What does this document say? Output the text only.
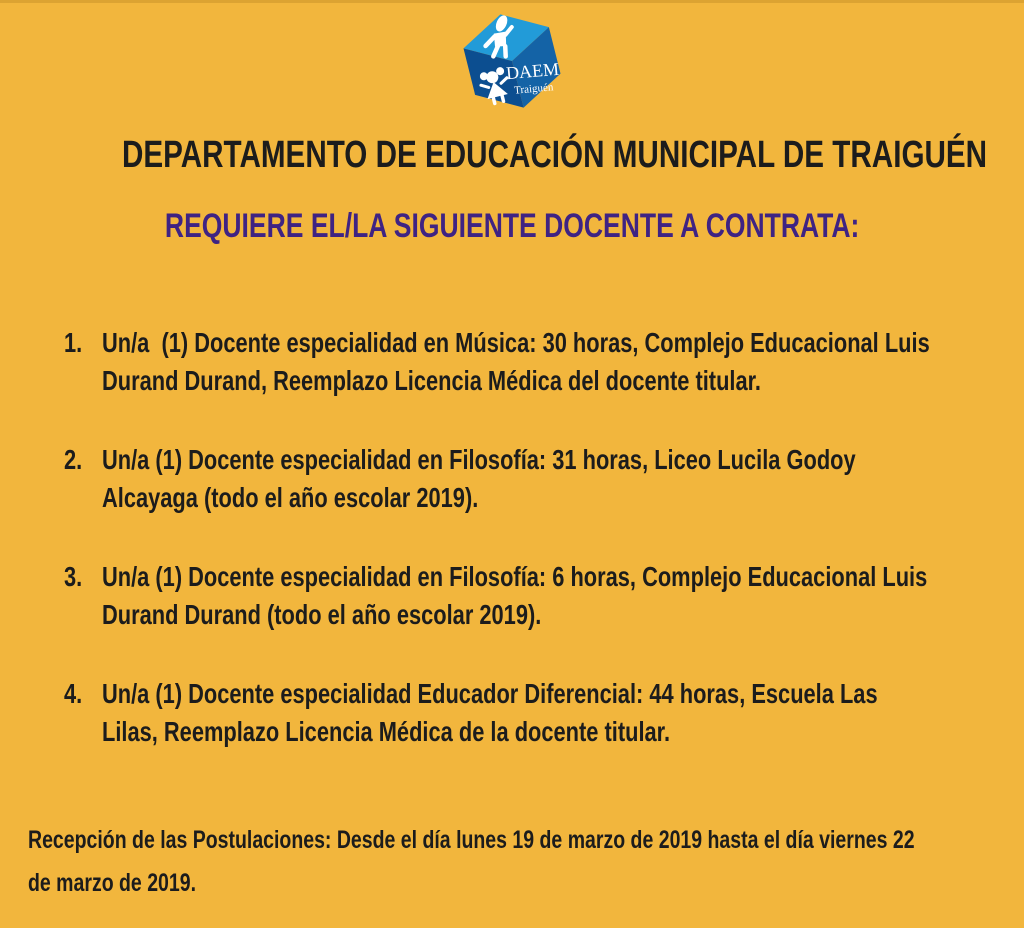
DAEM
Traiguén
DEPARTAMENTO DE EDUCACIÓN MUNICIPAL DE TRAIGUÉN
REQUIERE EL/LA SIGUIENTE DOCENTE A CONTRATA:
1. Un/a  (1) Docente especialidad en Música: 30 horas, Complejo Educacional Luis
Durand Durand, Reemplazo Licencia Médica del docente titular.
2. Un/a (1) Docente especialidad en Filosofía: 31 horas, Liceo Lucila Godoy
Alcayaga (todo el año escolar 2019).
3. Un/a (1) Docente especialidad en Filosofía: 6 horas, Complejo Educacional Luis
Durand Durand (todo el año escolar 2019).
4. Un/a (1) Docente especialidad Educador Diferencial: 44 horas, Escuela Las
Lilas, Reemplazo Licencia Médica de la docente titular.
Recepción de las Postulaciones: Desde el día lunes 19 de marzo de 2019 hasta el día viernes 22
de marzo de 2019.
